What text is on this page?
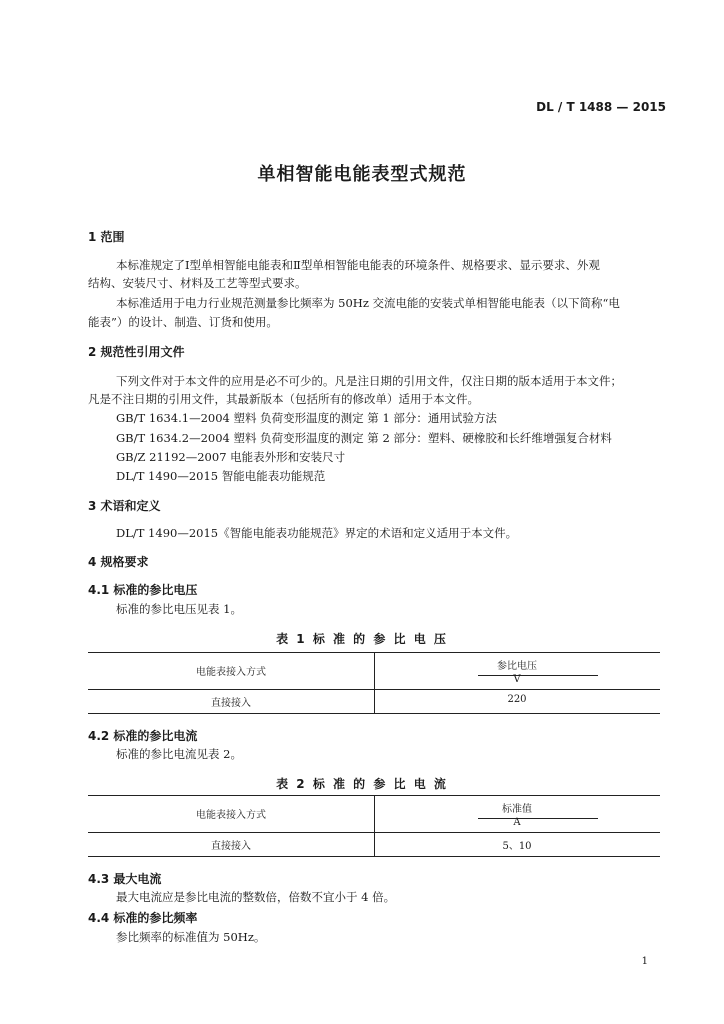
DL / T 1488 — 2015
单相智能电能表型式规范
1 范围
本标准规定了Ⅰ型单相智能电能表和Ⅱ型单相智能电能表的环境条件、规格要求、显示要求、外观
结构、安装尺寸、材料及工艺等型式要求。
本标准适用于电力行业规范测量参比频率为 50Hz 交流电能的安装式单相智能电能表（以下简称“电
能表”）的设计、制造、订货和使用。
2 规范性引用文件
下列文件对于本文件的应用是必不可少的。凡是注日期的引用文件，仅注日期的版本适用于本文件；
凡是不注日期的引用文件，其最新版本（包括所有的修改单）适用于本文件。
GB/T 1634.1—2004 塑料 负荷变形温度的测定 第 1 部分：通用试验方法
GB/T 1634.2—2004 塑料 负荷变形温度的测定 第 2 部分：塑料、硬橡胶和长纤维增强复合材料
GB/Z 21192—2007 电能表外形和安装尺寸
DL/T 1490—2015 智能电能表功能规范
3 术语和定义
DL/T 1490—2015《智能电能表功能规范》界定的术语和定义适用于本文件。
4 规格要求
4.1 标准的参比电压
标准的参比电压见表 1。
表 1 标 准 的 参 比 电 压
电能表接入方式
参比电压
V
直接接入	220
4.2 标准的参比电流
标准的参比电流见表 2。
表 2 标 准 的 参 比 电 流
电能表接入方式
标准值
A
直接接入	5、10
4.3 最大电流
最大电流应是参比电流的整数倍，倍数不宜小于 4 倍。
4.4 标准的参比频率
参比频率的标准值为 50Hz。
1
